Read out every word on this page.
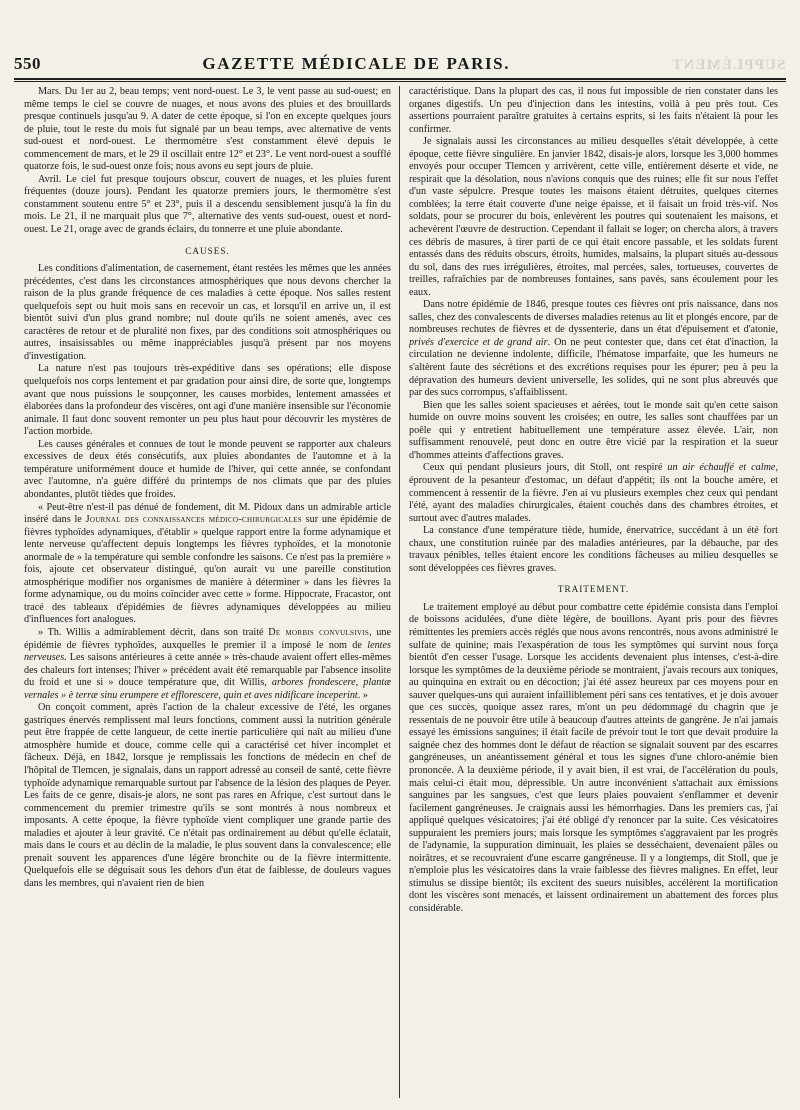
550	GAZETTE MÉDICALE DE PARIS.	SUPPLÉMENT

Mars. Du 1er au 2, beau temps; vent nord-ouest. Le 3, le vent passe au sud-ouest; en même temps le ciel se couvre de nuages, et nous avons des pluies et des brouillards presque continuels jusqu'au 9. A dater de cette époque, si l'on en excepte quelques jours de pluie, tout le reste du mois fut signalé par un beau temps, avec alternative de vents sud-ouest et nord-ouest. Le thermomètre s'est constamment élevé depuis le commencement de mars, et le 29 il oscillait entre 12° et 23°. Le vent nord-ouest a soufflé quatorze fois, le sud-ouest onze fois; nous avons eu sept jours de pluie.

Avril. Le ciel fut presque toujours obscur, couvert de nuages, et les pluies furent fréquentes (douze jours). Pendant les quatorze premiers jours, le thermomètre s'est constamment soutenu entre 5° et 23°, puis il a descendu sensiblement jusqu'à la fin du mois. Le 21, il ne marquait plus que 7°, alternative des vents sud-ouest, ouest et nord-ouest. Le 21, orage avec de grands éclairs, du tonnerre et une pluie abondante.

CAUSES.

Les conditions d'alimentation, de casernement, étant restées les mêmes que les années précédentes, c'est dans les circonstances atmosphériques que nous devons chercher la raison de la plus grande fréquence de ces maladies à cette époque. Nos salles restent quelquefois sept ou huit mois sans en recevoir un cas, et lorsqu'il en arrive un, il est bientôt suivi d'un plus grand nombre; nul doute qu'ils ne soient amenés, avec ces caractères de retour et de pluralité non fixes, par des conditions soit atmosphériques ou autres, insaisissables ou même inappréciables jusqu'à présent par nos moyens d'investigation.

La nature n'est pas toujours très-expéditive dans ses opérations; elle dispose quelquefois nos corps lentement et par gradation pour ainsi dire, de sorte que, longtemps avant que nous puissions le soupçonner, les causes morbides, lentement amassées et élaborées dans la profondeur des viscères, ont agi d'une manière insensible sur l'économie animale. Il faut donc souvent remonter un peu plus haut pour découvrir les mystères de l'action morbide.

Les causes générales et connues de tout le monde peuvent se rapporter aux chaleurs excessives de deux étés consécutifs, aux pluies abondantes de l'automne et à la température uniformément douce et humide de l'hiver, qui cette année, se confondant avec l'automne, n'a guère différé du printemps de nos climats que par des pluies abondantes, plutôt tièdes que froides.

« Peut-être n'est-il pas dénué de fondement, dit M. Pidoux dans un admirable article inséré dans le Journal des connaissances médico-chirurgicales sur une épidémie de fièvres typhoïdes adynamiques, d'établir » quelque rapport entre la forme adynamique et lente nerveuse qu'affectent depuis longtemps les fièvres typhoïdes, et la monotonie anormale de » la température qui semble confondre les saisons. Ce n'est pas la première » fois, ajoute cet observateur distingué, qu'on aurait vu une pareille constitution atmosphérique modifier nos organismes de manière à déterminer » dans les fièvres la forme adynamique, ou du moins coïncider avec cette » forme. Hippocrate, Fracastor, ont tracé des tableaux d'épidémies de fièvres adynamiques développées au milieu d'influences fort analogues.

» Th. Willis a admirablement décrit, dans son traité De morbis convulsivis, une épidémie de fièvres typhoïdes, auxquelles le premier il a imposé le nom de lentes nerveuses. Les saisons antérieures à cette année » très-chaude avaient offert elles-mêmes des chaleurs fort intenses; l'hiver » précédent avait été remarquable par l'absence insolite du froid et une si » douce température que, dit Willis, arbores frondescere, plantæ vernales » è terræ sinu erumpere et efflorescere, quin et aves nidificare inceperint. »

On conçoit comment, après l'action de la chaleur excessive de l'été, les organes gastriques énervés remplissent mal leurs fonctions, comment aussi la nutrition générale peut être frappée de cette langueur, de cette inertie particulière qui naît au milieu d'une atmosphère humide et douce, comme celle qui a caractérisé cet hiver incomplet et fâcheux. Déjà, en 1842, lorsque je remplissais les fonctions de médecin en chef de l'hôpital de Tlemcen, je signalais, dans un rapport adressé au conseil de santé, cette fièvre typhoïde adynamique remarquable surtout par l'absence de la lésion des plaques de Peyer. Les faits de ce genre, disais-je alors, ne sont pas rares en Afrique, c'est surtout dans le commencement du premier trimestre qu'ils se sont montrés à nous nombreux et imposants. A cette époque, la fièvre typhoïde vient compliquer une grande partie des maladies et ajouter à leur gravité. Ce n'était pas ordinairement au début qu'elle éclatait, mais dans le cours et au déclin de la maladie, le plus souvent dans la convalescence; elle prenait souvent les apparences d'une légère bronchite ou de la fièvre intermittente. Quelquefois elle se déguisait sous les dehors d'un état de faiblesse, de douleurs vagues dans les membres, qui n'avaient rien de bien

caractéristique. Dans la plupart des cas, il nous fut impossible de rien constater dans les organes digestifs. Un peu d'injection dans les intestins, voilà à peu près tout. Ces assertions pourraient paraître gratuites à certains esprits, si les faits n'étaient là pour les confirmer.

Je signalais aussi les circonstances au milieu desquelles s'était développée, à cette époque, cette fièvre singulière. En janvier 1842, disais-je alors, lorsque les 3,000 hommes envoyés pour occuper Tlemcen y arrivèrent, cette ville, entièrement déserte et vide, ne respirait que la désolation, nous n'avions conquis que des ruines; elle fit sur nous l'effet d'un vaste sépulcre. Presque toutes les maisons étaient détruites, quelques citernes comblées; la terre était couverte d'une neige épaisse, et il faisait un froid très-vif. Nos soldats, pour se procurer du bois, enlevèrent les poutres qui soutenaient les maisons, et achevèrent l'œuvre de destruction. Cependant il fallait se loger; on chercha alors, à travers ces débris de masures, à tirer parti de ce qui était encore passable, et les soldats furent entassés dans des réduits obscurs, étroits, humides, malsains, la plupart situés au-dessous du sol, dans des rues irrégulières, étroites, mal percées, sales, tortueuses, couvertes de treilles, rafraîchies par de nombreuses fontaines, sans pavés, sans écoulement pour les eaux.

Dans notre épidémie de 1846, presque toutes ces fièvres ont pris naissance, dans nos salles, chez des convalescents de diverses maladies retenus au lit et plongés encore, par de nombreuses rechutes de fièvres et de dyssenterie, dans un état d'épuisement et d'atonie, privés d'exercice et de grand air. On ne peut contester que, dans cet état d'inaction, la circulation ne devienne indolente, difficile, l'hématose imparfaite, que les humeurs ne s'altèrent faute des sécrétions et des excrétions requises pour les épurer; peu à peu la dépravation des humeurs devient universelle, les solides, qui ne sont plus abreuvés que par des sucs corrompus, s'affaiblissent.

Bien que les salles soient spacieuses et aérées, tout le monde sait qu'en cette saison humide on ouvre moins souvent les croisées; en outre, les salles sont chauffées par un poêle qui y entretient habituellement une température assez élevée. L'air, non suffisamment renouvelé, peut donc en outre être vicié par la respiration et la sueur d'hommes atteints d'affections graves.

Ceux qui pendant plusieurs jours, dit Stoll, ont respiré un air échauffé et calme, éprouvent de la pesanteur d'estomac, un défaut d'appétit; ils ont la bouche amère, et commencent à ressentir de la fièvre. J'en ai vu plusieurs exemples chez ceux qui pendant l'été, ayant des maladies chirurgicales, étaient couchés dans des chambres étroites, et surtout avec d'autres malades.

La constance d'une température tiède, humide, énervatrice, succédant à un été fort chaux, une constitution ruinée par des maladies antérieures, par la débauche, par des travaux pénibles, telles étaient encore les conditions fâcheuses au milieu desquelles se sont développées ces fièvres graves.

TRAITEMENT.

Le traitement employé au début pour combattre cette épidémie consista dans l'emploi de boissons acidulées, d'une diète légère, de bouillons. Ayant pris pour des fièvres rémittentes les premiers accès réglés que nous avons rencontrés, nous avons administré le sulfate de quinine; mais l'exaspération de tous les symptômes qui survint nous força bientôt d'en cesser l'usage. Lorsque les accidents devenaient plus intenses, c'est-à-dire lorsque les symptômes de la deuxième période se montraient, j'avais recours aux toniques, au quinquina en extrait ou en décoction; j'ai été assez heureux par ces moyens pour en sauver quelques-uns qui auraient infailliblement péri sans ces tentatives, et je dois avouer que ces succès, quoique assez rares, m'ont un peu dédommagé du chagrin que je ressentais de ne pouvoir être utile à beaucoup d'autres atteints de gangrène. Je n'ai jamais essayé les émissions sanguines; il était facile de prévoir tout le tort que devait produire la saignée chez des hommes dont le défaut de réaction se signalait souvent par des escarres gangréneuses, un anéantissement général et tous les signes d'une chloro-anémie bien prononcée. A la deuxième période, il y avait bien, il est vrai, de l'accélération du pouls, mais celui-ci était mou, dépressible. Un autre inconvénient s'attachait aux émissions sanguines par les sangsues, c'est que leurs plaies pouvaient s'enflammer et devenir facilement gangréneuses. Je craignais aussi les hémorrhagies. Dans les premiers cas, j'ai appliqué quelques vésicatoires; j'ai été obligé d'y renoncer par la suite. Ces vésicatoires suppuraient les premiers jours; mais lorsque les symptômes s'aggravaient par les progrès de l'adynamie, la suppuration diminuait, les plaies se desséchaient, devenaient pâles ou noirâtres, et se recouvraient d'une escarre gangréneuse. Il y a longtemps, dit Stoll, que je n'emploie plus les vésicatoires dans la vraie faiblesse des fièvres malignes. En effet, leur stimulus se dissipe bientôt; ils excitent des sueurs nuisibles, accélèrent la mortification dont les viscères sont menacés, et laissent ordinairement un abattement des forces plus considérable.
